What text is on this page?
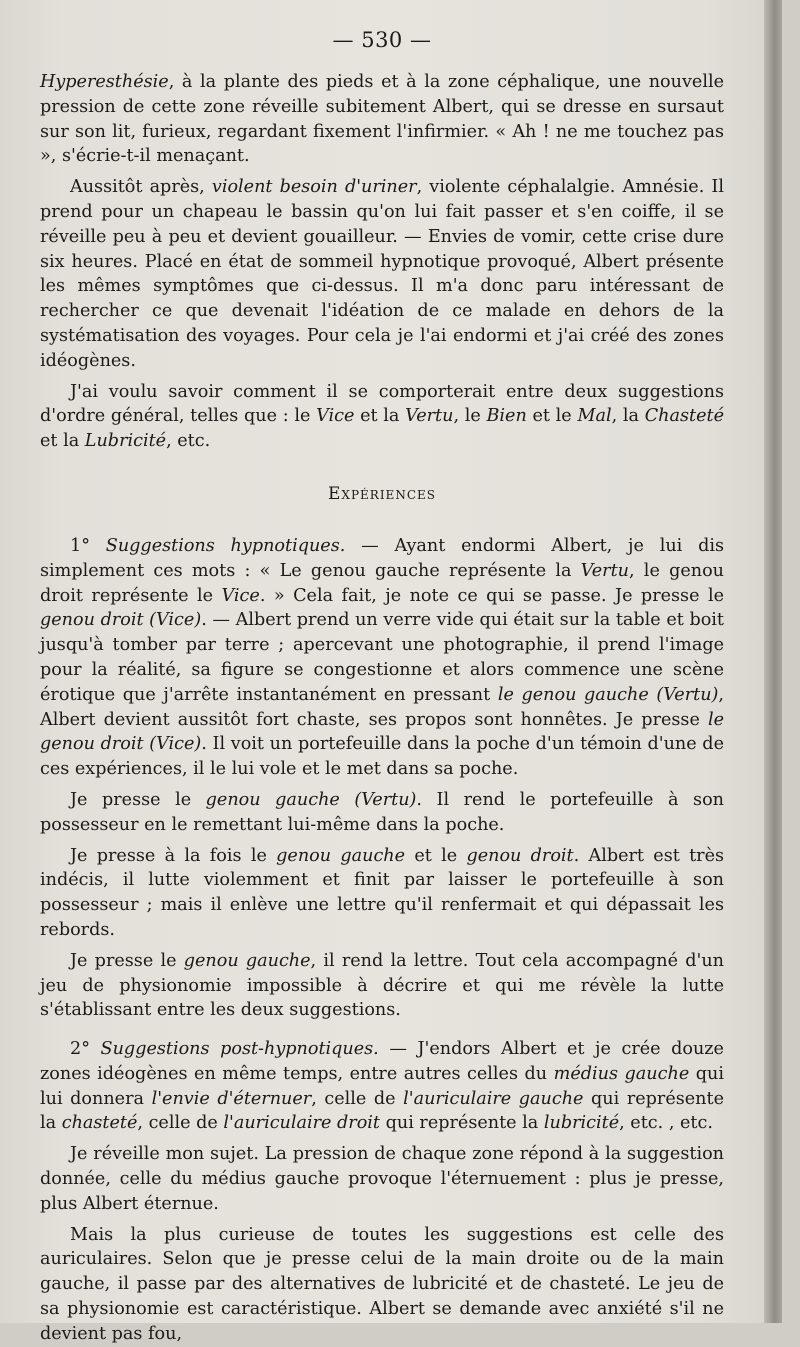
— 530 —

Hyperesthésie, à la plante des pieds et à la zone céphalique, une nouvelle pression de cette zone réveille subitement Albert, qui se dresse en sursaut sur son lit, furieux, regardant fixement l'infirmier. « Ah ! ne me touchez pas », s'écrie-t-il menaçant.

Aussitôt après, violent besoin d'uriner, violente céphalalgie. Amnésie. Il prend pour un chapeau le bassin qu'on lui fait passer et s'en coiffe, il se réveille peu à peu et devient gouailleur. — Envies de vomir, cette crise dure six heures. Placé en état de sommeil hypnotique provoqué, Albert présente les mêmes symptômes que ci-dessus. Il m'a donc paru intéressant de rechercher ce que devenait l'idéation de ce malade en dehors de la systématisation des voyages. Pour cela je l'ai endormi et j'ai créé des zones idéogènes.

J'ai voulu savoir comment il se comporterait entre deux suggestions d'ordre général, telles que : le Vice et la Vertu, le Bien et le Mal, la Chasteté et la Lubricité, etc.

Expériences

1° Suggestions hypnotiques. — Ayant endormi Albert, je lui dis simplement ces mots : « Le genou gauche représente la Vertu, le genou droit représente le Vice. » Cela fait, je note ce qui se passe. Je presse le genou droit (Vice). — Albert prend un verre vide qui était sur la table et boit jusqu'à tomber par terre ; apercevant une photographie, il prend l'image pour la réalité, sa figure se congestionne et alors commence une scène érotique que j'arrête instantanément en pressant le genou gauche (Vertu), Albert devient aussitôt fort chaste, ses propos sont honnêtes. Je presse le genou droit (Vice). Il voit un portefeuille dans la poche d'un témoin d'une de ces expériences, il le lui vole et le met dans sa poche.

Je presse le genou gauche (Vertu). Il rend le portefeuille à son possesseur en le remettant lui-même dans la poche.

Je presse à la fois le genou gauche et le genou droit. Albert est très indécis, il lutte violemment et finit par laisser le portefeuille à son possesseur ; mais il enlève une lettre qu'il renfermait et qui dépassait les rebords.

Je presse le genou gauche, il rend la lettre. Tout cela accompagné d'un jeu de physionomie impossible à décrire et qui me révèle la lutte s'établissant entre les deux suggestions.

2° Suggestions post-hypnotiques. — J'endors Albert et je crée douze zones idéogènes en même temps, entre autres celles du médius gauche qui lui donnera l'envie d'éternuer, celle de l'auriculaire gauche qui représente la chasteté, celle de l'auriculaire droit qui représente la lubricité, etc. , etc.

Je réveille mon sujet. La pression de chaque zone répond à la suggestion donnée, celle du médius gauche provoque l'éternuement : plus je presse, plus Albert éternue.

Mais la plus curieuse de toutes les suggestions est celle des auriculaires. Selon que je presse celui de la main droite ou de la main gauche, il passe par des alternatives de lubricité et de chasteté. Le jeu de sa physionomie est caractéristique. Albert se demande avec anxiété s'il ne devient pas fou,
